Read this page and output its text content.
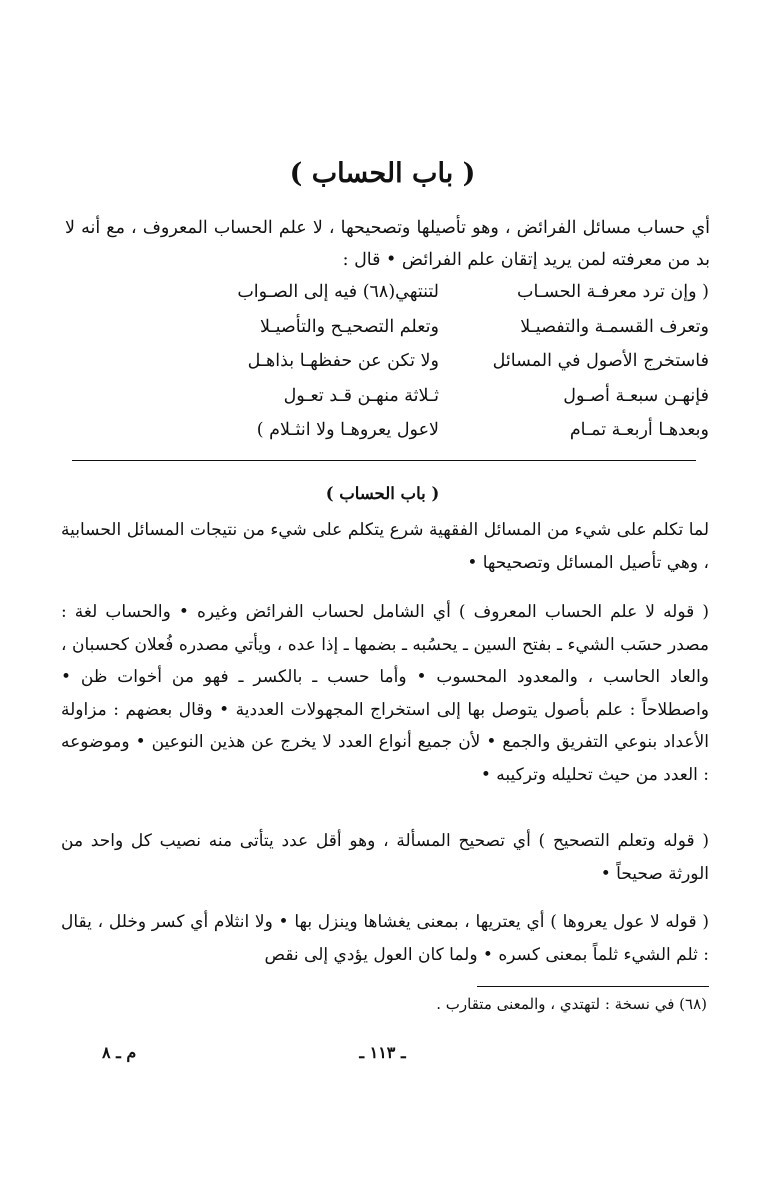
( باب الحساب )

أي حساب مسائل الفرائض ، وهو تأصيلها وتصحيحها ، لا علم الحساب المعروف ، مع أنه لا بد من معرفته لمن يريد إتقان علم الفرائض • قال :

( وإن ترد معرفـة الحسـاب
لتنتهي(٦٨) فيه إلى الصـواب
وتعرف القسمـة والتفصيـلا
وتعلم التصحيـح والتأصيـلا
فاستخرج الأصول في المسائل
ولا تكن عن حفظهـا بذاهـل
فإنهـن سبعـة أصـول
ثـلاثة منهـن قـد تعـول
وبعدهـا أربعـة تمـام
لاعول يعروهـا ولا انثـلام )
( باب الحساب )

لما تكلم على شيء من المسائل الفقهية شرع يتكلم على شيء من نتيجات المسائل الحسابية ، وهي تأصيل المسائل وتصحيحها •

( قوله لا علم الحساب المعروف ) أي الشامل لحساب الفرائض وغيره • والحساب لغة : مصدر حسَب الشيء ـ بفتح السين ـ يحسُبه ـ بضمها ـ إذا عده ، ويأتي مصدره فُعلان كحسبان ، والعاد الحاسب ، والمعدود المحسوب • وأما حسب ـ بالكسر ـ فهو من أخوات ظن • واصطلاحاً : علم بأصول يتوصل بها إلى استخراج المجهولات العددية • وقال بعضهم : مزاولة الأعداد بنوعي التفريق والجمع • لأن جميع أنواع العدد لا يخرج عن هذين النوعين • وموضوعه : العدد من حيث تحليله وتركيبه •

( قوله وتعلم التصحيح ) أي تصحيح المسألة ، وهو أقل عدد يتأتى منه نصيب كل واحد من الورثة صحيحاً •

( قوله لا عول يعروها ) أي يعتريها ، بمعنى يغشاها وينزل بها • ولا انثلام أي كسر وخلل ، يقال : ثلم الشيء ثلماً بمعنى كسره • ولما كان العول يؤدي إلى نقص

(٦٨) في نسخة : لتهتدي ، والمعنى متقارب .
ـ ١١٣ ـ
م ـ ٨
